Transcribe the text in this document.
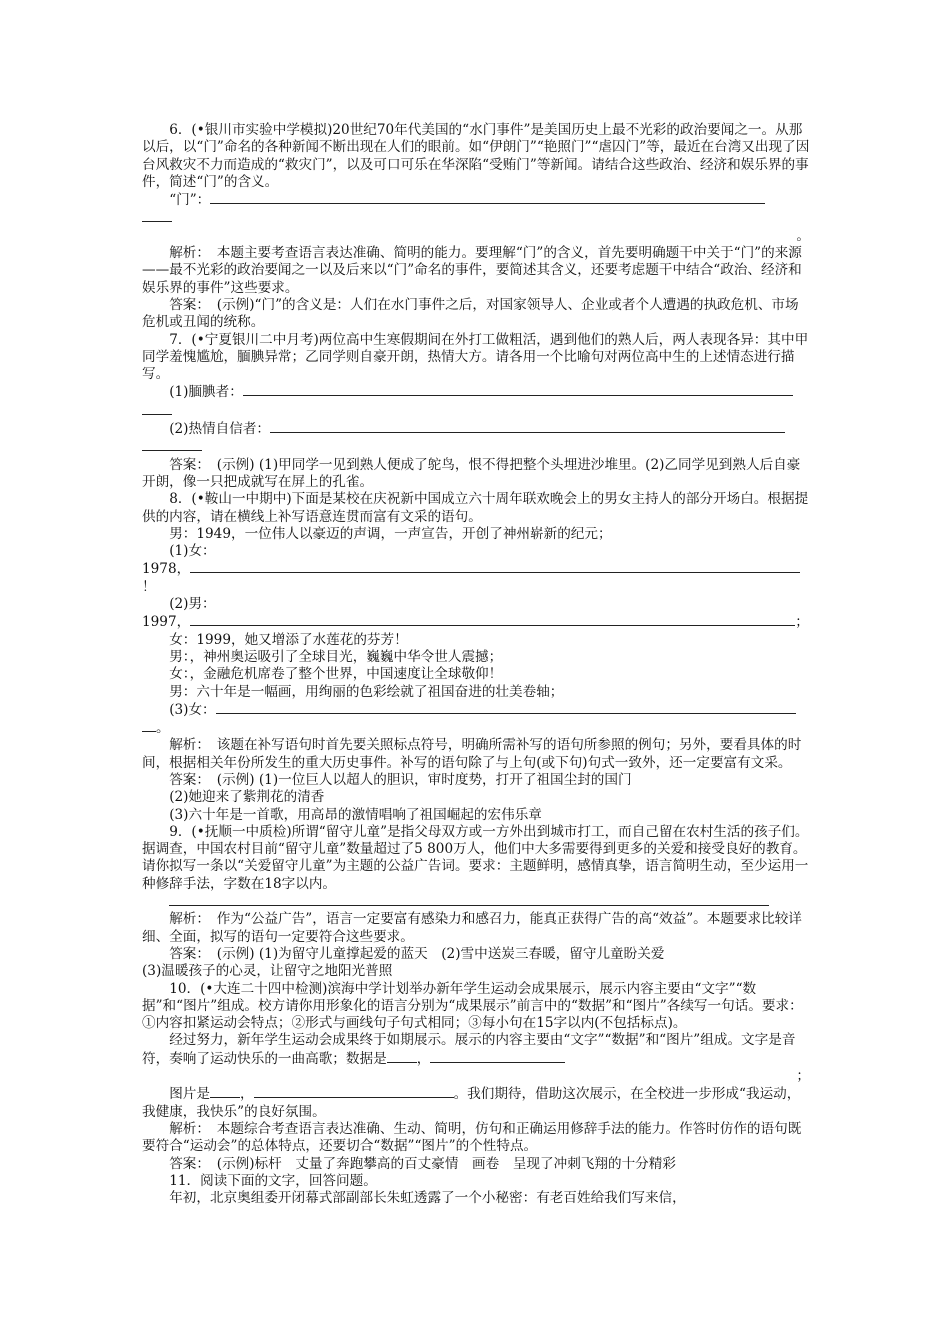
6．(•银川市实验中学模拟)20世纪70年代美国的“水门事件”是美国历史上最不光彩的政治要闻之一。从那以后，以“门”命名的各种新闻不断出现在人们的眼前。如“伊朗门”“艳照门”“虐囚门”等，最近在台湾又出现了因台风救灾不力而造成的“救灾门”，以及可口可乐在华深陷“受贿门”等新闻。请结合这些政治、经济和娱乐界的事件，简述“门”的含义。

“门”：

。

解析：　本题主要考查语言表达准确、简明的能力。要理解“门”的含义，首先要明确题干中关于“门”的来源——最不光彩的政治要闻之一以及后来以“门”命名的事件，要简述其含义，还要考虑题干中结合“政治、经济和娱乐界的事件”这些要求。

答案：　(示例)“门”的含义是：人们在水门事件之后，对国家领导人、企业或者个人遭遇的执政危机、市场危机或丑闻的统称。

7．(•宁夏银川二中月考)两位高中生寒假期间在外打工做粗活，遇到他们的熟人后，两人表现各异：其中甲同学羞愧尴尬，腼腆异常；乙同学则自豪开朗，热情大方。请各用一个比喻句对两位高中生的上述情态进行描写。

(1)腼腆者：

(2)热情自信者：

答案：　(示例) (1)甲同学一见到熟人便成了鸵鸟，恨不得把整个头埋进沙堆里。(2)乙同学见到熟人后自豪开朗，像一只把成就写在屏上的孔雀。

8．(•鞍山一中期中)下面是某校在庆祝新中国成立六十周年联欢晚会上的男女主持人的部分开场白。根据提供的内容，请在横线上补写语意连贯而富有文采的语句。

男：1949，一位伟人以豪迈的声调，一声宣告，开创了神州崭新的纪元；

(1)女：

1978，！

(2)男：

1997，	；

女：1999，她又增添了水莲花的芬芳！

男：，神州奥运吸引了全球目光，巍巍中华令世人震撼；

女：，金融危机席卷了整个世界，中国速度让全球敬仰！

男：六十年是一幅画，用绚丽的色彩绘就了祖国奋进的壮美卷轴；

(3)女：

。

解析：　该题在补写语句时首先要关照标点符号，明确所需补写的语句所参照的例句；另外，要看具体的时间，根据相关年份所发生的重大历史事件。补写的语句除了与上句(或下句)句式一致外，还一定要富有文采。

答案：　(示例) (1)一位巨人以超人的胆识，审时度势，打开了祖国尘封的国门

(2)她迎来了紫荆花的清香

(3)六十年是一首歌，用高昂的激情唱响了祖国崛起的宏伟乐章

9．(•抚顺一中质检)所谓“留守儿童”是指父母双方或一方外出到城市打工，而自己留在农村生活的孩子们。据调查，中国农村目前“留守儿童”数量超过了5 800万人，他们中大多需要得到更多的关爱和接受良好的教育。请你拟写一条以“关爱留守儿童”为主题的公益广告词。要求：主题鲜明，感情真挚，语言简明生动，至少运用一种修辞手法，字数在18字以内。

解析：　作为“公益广告”，语言一定要富有感染力和感召力，能真正获得广告的高“效益”。本题要求比较详细、全面，拟写的语句一定要符合这些要求。

答案：　(示例) (1)为留守儿童撑起爱的蓝天　(2)雪中送炭三春暖，留守儿童盼关爱

(3)温暖孩子的心灵，让留守之地阳光普照

10．(•大连二十四中检测)滨海中学计划举办新年学生运动会成果展示，展示内容主要由“文字”“数据”和“图片”组成。校方请你用形象化的语言分别为“成果展示”前言中的“数据”和“图片”各续写一句话。要求：①内容扣紧运动会特点；②形式与画线句子句式相同；③每小句在15字以内(不包括标点)。

经过努力，新年学生运动会成果终于如期展示。展示的内容主要由“文字”“数据”和“图片”组成。文字是音符，奏响了运动快乐的一曲高歌；数据是 ，

；

图片是 ，	。我们期待，借助这次展示，在全校进一步形成“我运动，我健康，我快乐”的良好氛围。

解析：　本题综合考查语言表达准确、生动、简明，仿句和正确运用修辞手法的能力。作答时仿作的语句既要符合“运动会”的总体特点，还要切合“数据”“图片”的个性特点。

答案：　(示例)标杆　丈量了奔跑攀高的百丈豪情　画卷　呈现了冲刺飞翔的十分精彩

11．阅读下面的文字，回答问题。

年初，北京奥组委开闭幕式部副部长朱虹透露了一个小秘密：有老百姓给我们写来信，
